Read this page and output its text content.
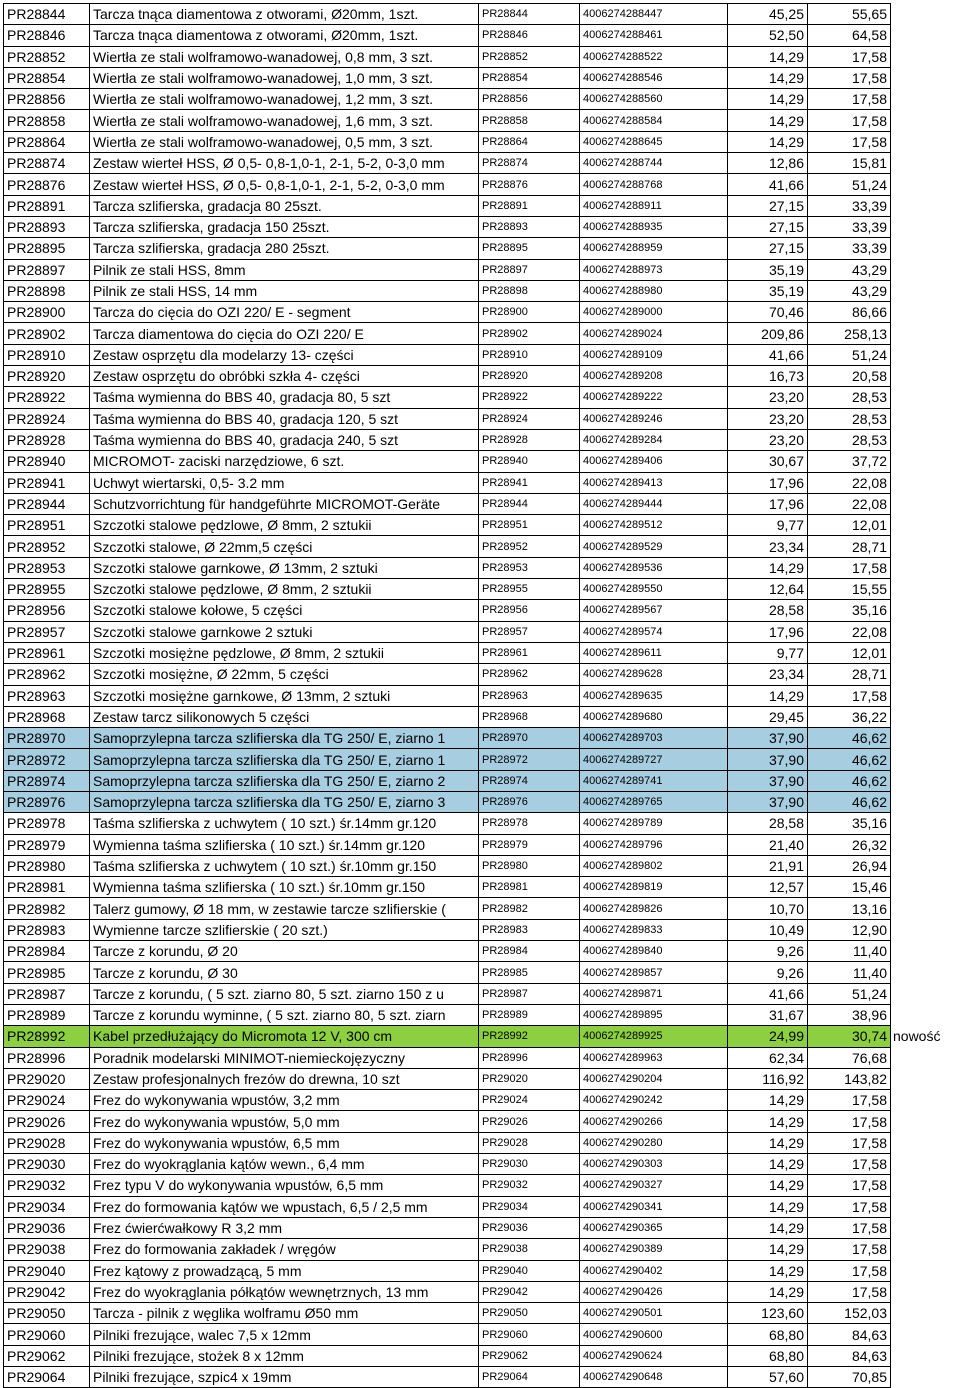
PR28844	Tarcza tnąca diamentowa z otworami, Ø20mm, 1szt.	PR28844	4006274288447	45,25	55,65	
PR28846	Tarcza tnąca diamentowa z otworami, Ø20mm, 1szt.	PR28846	4006274288461	52,50	64,58	
PR28852	Wiertła ze stali wolframowo-wanadowej, 0,8 mm, 3 szt.	PR28852	4006274288522	14,29	17,58	
PR28854	Wiertła ze stali wolframowo-wanadowej, 1,0 mm, 3 szt.	PR28854	4006274288546	14,29	17,58	
PR28856	Wiertła ze stali wolframowo-wanadowej, 1,2 mm, 3 szt.	PR28856	4006274288560	14,29	17,58	
PR28858	Wiertła ze stali wolframowo-wanadowej, 1,6 mm, 3 szt.	PR28858	4006274288584	14,29	17,58	
PR28864	Wiertła ze stali wolframowo-wanadowej, 0,5 mm, 3 szt.	PR28864	4006274288645	14,29	17,58	
PR28874	Zestaw wierteł HSS, Ø 0,5- 0,8-1,0-1, 2-1, 5-2, 0-3,0 mm	PR28874	4006274288744	12,86	15,81	
PR28876	Zestaw wierteł HSS, Ø 0,5- 0,8-1,0-1, 2-1, 5-2, 0-3,0 mm	PR28876	4006274288768	41,66	51,24	
PR28891	Tarcza szlifierska, gradacja 80 25szt.	PR28891	4006274288911	27,15	33,39	
PR28893	Tarcza szlifierska, gradacja 150 25szt.	PR28893	4006274288935	27,15	33,39	
PR28895	Tarcza szlifierska, gradacja 280 25szt.	PR28895	4006274288959	27,15	33,39	
PR28897	Pilnik ze stali HSS, 8mm	PR28897	4006274288973	35,19	43,29	
PR28898	Pilnik ze stali HSS, 14 mm	PR28898	4006274288980	35,19	43,29	
PR28900	Tarcza do cięcia do OZI 220/ E - segment	PR28900	4006274289000	70,46	86,66	
PR28902	Tarcza diamentowa do cięcia do OZI 220/ E	PR28902	4006274289024	209,86	258,13	
PR28910	Zestaw osprzętu dla modelarzy 13- części	PR28910	4006274289109	41,66	51,24	
PR28920	Zestaw osprzętu do obróbki szkła 4- części	PR28920	4006274289208	16,73	20,58	
PR28922	Taśma wymienna do BBS 40, gradacja 80, 5 szt	PR28922	4006274289222	23,20	28,53	
PR28924	Taśma wymienna do BBS 40, gradacja 120, 5 szt	PR28924	4006274289246	23,20	28,53	
PR28928	Taśma wymienna do BBS 40, gradacja 240, 5 szt	PR28928	4006274289284	23,20	28,53	
PR28940	MICROMOT- zaciski narzędziowe, 6 szt.	PR28940	4006274289406	30,67	37,72	
PR28941	Uchwyt wiertarski, 0,5- 3.2 mm	PR28941	4006274289413	17,96	22,08	
PR28944	Schutzvorrichtung für handgeführte MICROMOT-Geräte	PR28944	4006274289444	17,96	22,08	
PR28951	Szczotki stalowe pędzlowe, Ø 8mm, 2 sztukii	PR28951	4006274289512	9,77	12,01	
PR28952	Szczotki stalowe, Ø 22mm,5 części	PR28952	4006274289529	23,34	28,71	
PR28953	Szczotki stalowe garnkowe, Ø 13mm, 2 sztuki	PR28953	4006274289536	14,29	17,58	
PR28955	Szczotki stalowe pędzlowe, Ø 8mm, 2 sztukii	PR28955	4006274289550	12,64	15,55	
PR28956	Szczotki stalowe kołowe, 5 części	PR28956	4006274289567	28,58	35,16	
PR28957	Szczotki stalowe garnkowe 2 sztuki	PR28957	4006274289574	17,96	22,08	
PR28961	Szczotki mosiężne pędzlowe, Ø 8mm, 2 sztukii	PR28961	4006274289611	9,77	12,01	
PR28962	Szczotki mosiężne, Ø 22mm, 5 części	PR28962	4006274289628	23,34	28,71	
PR28963	Szczotki mosiężne garnkowe, Ø 13mm, 2 sztuki	PR28963	4006274289635	14,29	17,58	
PR28968	Zestaw tarcz silikonowych 5 części	PR28968	4006274289680	29,45	36,22	
PR28970	Samoprzylepna tarcza szlifierska dla TG 250/ E, ziarno 1	PR28970	4006274289703	37,90	46,62	
PR28972	Samoprzylepna tarcza szlifierska dla TG 250/ E, ziarno 1	PR28972	4006274289727	37,90	46,62	
PR28974	Samoprzylepna tarcza szlifierska dla TG 250/ E, ziarno 2	PR28974	4006274289741	37,90	46,62	
PR28976	Samoprzylepna tarcza szlifierska dla TG 250/ E, ziarno 3	PR28976	4006274289765	37,90	46,62	
PR28978	Taśma szlifierska z uchwytem ( 10 szt.) śr.14mm gr.120	PR28978	4006274289789	28,58	35,16	
PR28979	Wymienna taśma szlifierska ( 10 szt.) śr.14mm gr.120	PR28979	4006274289796	21,40	26,32	
PR28980	Taśma szlifierska z uchwytem ( 10 szt.) śr.10mm gr.150	PR28980	4006274289802	21,91	26,94	
PR28981	Wymienna taśma szlifierska ( 10 szt.) śr.10mm gr.150	PR28981	4006274289819	12,57	15,46	
PR28982	Talerz gumowy, Ø 18 mm, w zestawie tarcze szlifierskie (	PR28982	4006274289826	10,70	13,16	
PR28983	Wymienne tarcze szlifierskie ( 20 szt.)	PR28983	4006274289833	10,49	12,90	
PR28984	Tarcze z korundu, Ø 20	PR28984	4006274289840	9,26	11,40	
PR28985	Tarcze z korundu, Ø 30	PR28985	4006274289857	9,26	11,40	
PR28987	Tarcze z korundu, ( 5 szt. ziarno 80, 5 szt. ziarno 150 z u	PR28987	4006274289871	41,66	51,24	
PR28989	Tarcze z korundu wyminne, ( 5 szt. ziarno 80, 5 szt. ziarn	PR28989	4006274289895	31,67	38,96	
PR28992	Kabel przedłużający do Micromota 12 V, 300 cm	PR28992	4006274289925	24,99	30,74	nowość
PR28996	Poradnik modelarski MINIMOT-niemieckojęzyczny	PR28996	4006274289963	62,34	76,68	
PR29020	Zestaw profesjonalnych frezów do drewna, 10 szt	PR29020	4006274290204	116,92	143,82	
PR29024	Frez do wykonywania wpustów, 3,2 mm	PR29024	4006274290242	14,29	17,58	
PR29026	Frez do wykonywania wpustów, 5,0 mm	PR29026	4006274290266	14,29	17,58	
PR29028	Frez do wykonywania wpustów, 6,5 mm	PR29028	4006274290280	14,29	17,58	
PR29030	Frez do wyokrąglania kątów wewn., 6,4 mm	PR29030	4006274290303	14,29	17,58	
PR29032	Frez typu V do wykonywania wpustów, 6,5 mm	PR29032	4006274290327	14,29	17,58	
PR29034	Frez do formowania kątów we wpustach, 6,5 / 2,5 mm	PR29034	4006274290341	14,29	17,58	
PR29036	Frez ćwierćwałkowy R 3,2 mm	PR29036	4006274290365	14,29	17,58	
PR29038	Frez do formowania zakładek / wręgów	PR29038	4006274290389	14,29	17,58	
PR29040	Frez kątowy z prowadzącą, 5 mm	PR29040	4006274290402	14,29	17,58	
PR29042	Frez do wyokrąglania półkątów wewnętrznych, 13 mm	PR29042	4006274290426	14,29	17,58	
PR29050	Tarcza - pilnik z węglika wolframu Ø50 mm	PR29050	4006274290501	123,60	152,03	
PR29060	Pilniki frezujące, walec 7,5 x 12mm	PR29060	4006274290600	68,80	84,63	
PR29062	Pilniki frezujące, stożek 8 x 12mm	PR29062	4006274290624	68,80	84,63	
PR29064	Pilniki frezujące, szpic4 x 19mm	PR29064	4006274290648	57,60	70,85	
